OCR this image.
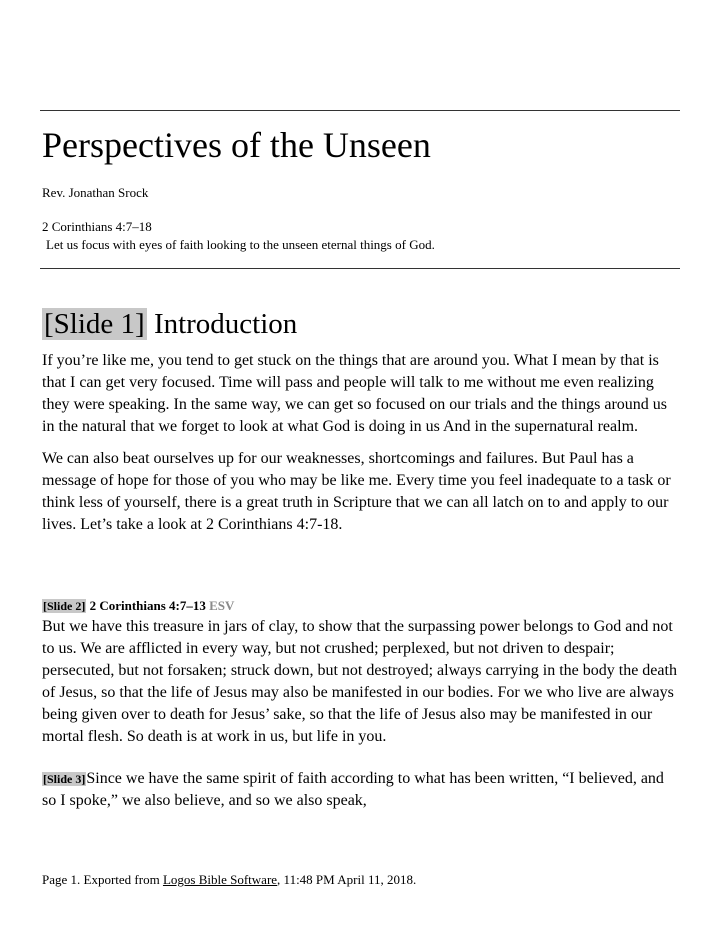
Perspectives of the Unseen
Rev. Jonathan Srock
2 Corinthians 4:7–18
Let us focus with eyes of faith looking to the unseen eternal things of God.
[Slide 1] Introduction

If you’re like me, you tend to get stuck on the things that are around you. What I mean by that is that I can get very focused. Time will pass and people will talk to me without me even realizing they were speaking. In the same way, we can get so focused on our trials and the things around us in the natural that we forget to look at what God is doing in us And in the supernatural realm.

We can also beat ourselves up for our weaknesses, shortcomings and failures. But Paul has a message of hope for those of you who may be like me. Every time you feel inadequate to a task or think less of yourself, there is a great truth in Scripture that we can all latch on to and apply to our lives. Let’s take a look at 2 Corinthians 4:7-18.

[Slide 2] 2 Corinthians 4:7–13 ESV

But we have this treasure in jars of clay, to show that the surpassing power belongs to God and not to us. We are afflicted in every way, but not crushed; perplexed, but not driven to despair; persecuted, but not forsaken; struck down, but not destroyed; always carrying in the body the death of Jesus, so that the life of Jesus may also be manifested in our bodies. For we who live are always being given over to death for Jesus’ sake, so that the life of Jesus also may be manifested in our mortal flesh. So death is at work in us, but life in you.

[Slide 3]Since we have the same spirit of faith according to what has been written, “I believed, and so I spoke,” we also believe, and so we also speak,

Page 1. Exported from Logos Bible Software, 11:48 PM April 11, 2018.
